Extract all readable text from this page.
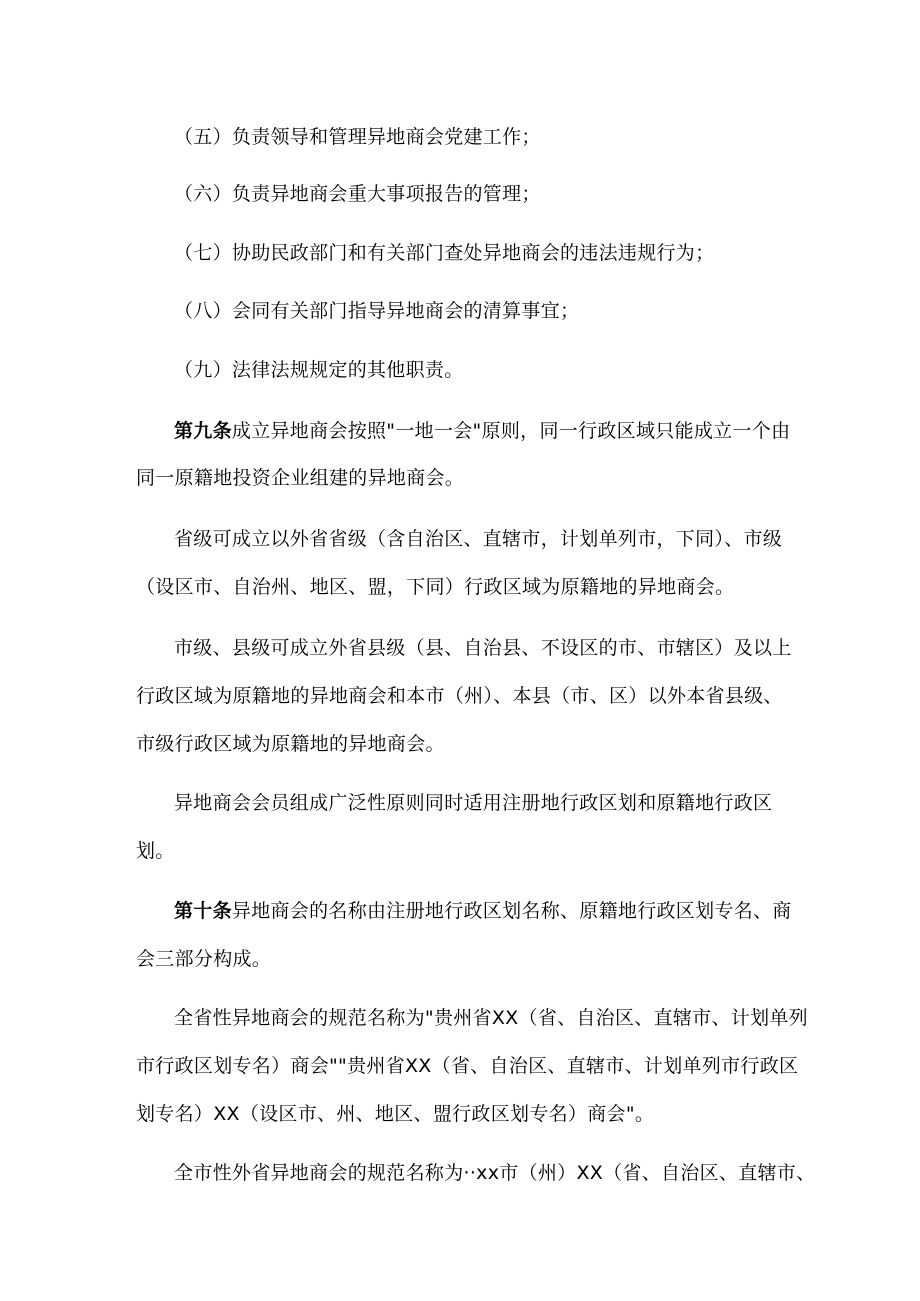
（五）负责领导和管理异地商会党建工作；
（六）负责异地商会重大事项报告的管理；
（七）协助民政部门和有关部门查处异地商会的违法违规行为；
（八）会同有关部门指导异地商会的清算事宜；
（九）法律法规规定的其他职责。
第九条成立异地商会按照"一地一会"原则，同一行政区域只能成立一个由
同一原籍地投资企业组建的异地商会。
省级可成立以外省省级（含自治区、直辖市，计划单列市，下同）、市级
（设区市、自治州、地区、盟，下同）行政区域为原籍地的异地商会。
市级、县级可成立外省县级（县、自治县、不设区的市、市辖区）及以上
行政区域为原籍地的异地商会和本市（州）、本县（市、区）以外本省县级、
市级行政区域为原籍地的异地商会。
异地商会会员组成广泛性原则同时适用注册地行政区划和原籍地行政区
划。
第十条异地商会的名称由注册地行政区划名称、原籍地行政区划专名、商
会三部分构成。
全省性异地商会的规范名称为"贵州省XX（省、自治区、直辖市、计划单列
市行政区划专名）商会""贵州省XX（省、自治区、直辖市、计划单列市行政区
划专名）XX（设区市、州、地区、盟行政区划专名）商会"。
全市性外省异地商会的规范名称为··xx市（州）XX（省、自治区、直辖市、
